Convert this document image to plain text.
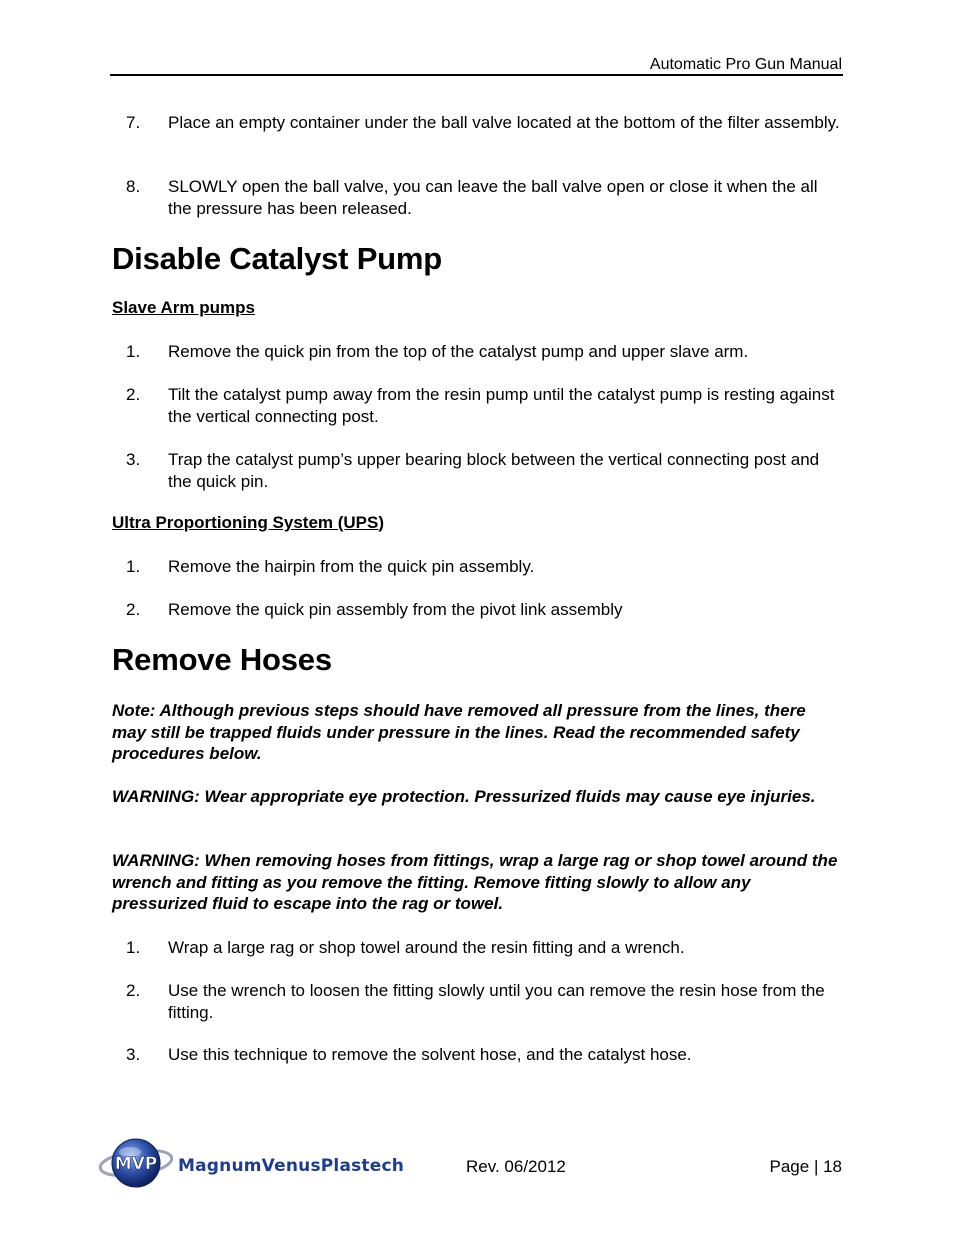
Automatic Pro Gun Manual
7. Place an empty container under the ball valve located at the bottom of the filter assembly.
8. SLOWLY open the ball valve, you can leave the ball valve open or close it when the all the pressure has been released.
Disable Catalyst Pump
Slave Arm pumps
1. Remove the quick pin from the top of the catalyst pump and upper slave arm.
2. Tilt the catalyst pump away from the resin pump until the catalyst pump is resting against the vertical connecting post.
3. Trap the catalyst pump’s upper bearing block between the vertical connecting post and the quick pin.
Ultra Proportioning System (UPS)
1. Remove the hairpin from the quick pin assembly.
2. Remove the quick pin assembly from the pivot link assembly
Remove Hoses
Note: Although previous steps should have removed all pressure from the lines, there may still be trapped fluids under pressure in the lines. Read the recommended safety procedures below.
WARNING: Wear appropriate eye protection. Pressurized fluids may cause eye injuries.
WARNING: When removing hoses from fittings, wrap a large rag or shop towel around the wrench and fitting as you remove the fitting. Remove fitting slowly to allow any pressurized fluid to escape into the rag or towel.
1. Wrap a large rag or shop towel around the resin fitting and a wrench.
2. Use the wrench to loosen the fitting slowly until you can remove the resin hose from the fitting.
3. Use this technique to remove the solvent hose, and the catalyst hose.
MVP MagnumVenusPlastech	Rev. 06/2012	Page | 18
